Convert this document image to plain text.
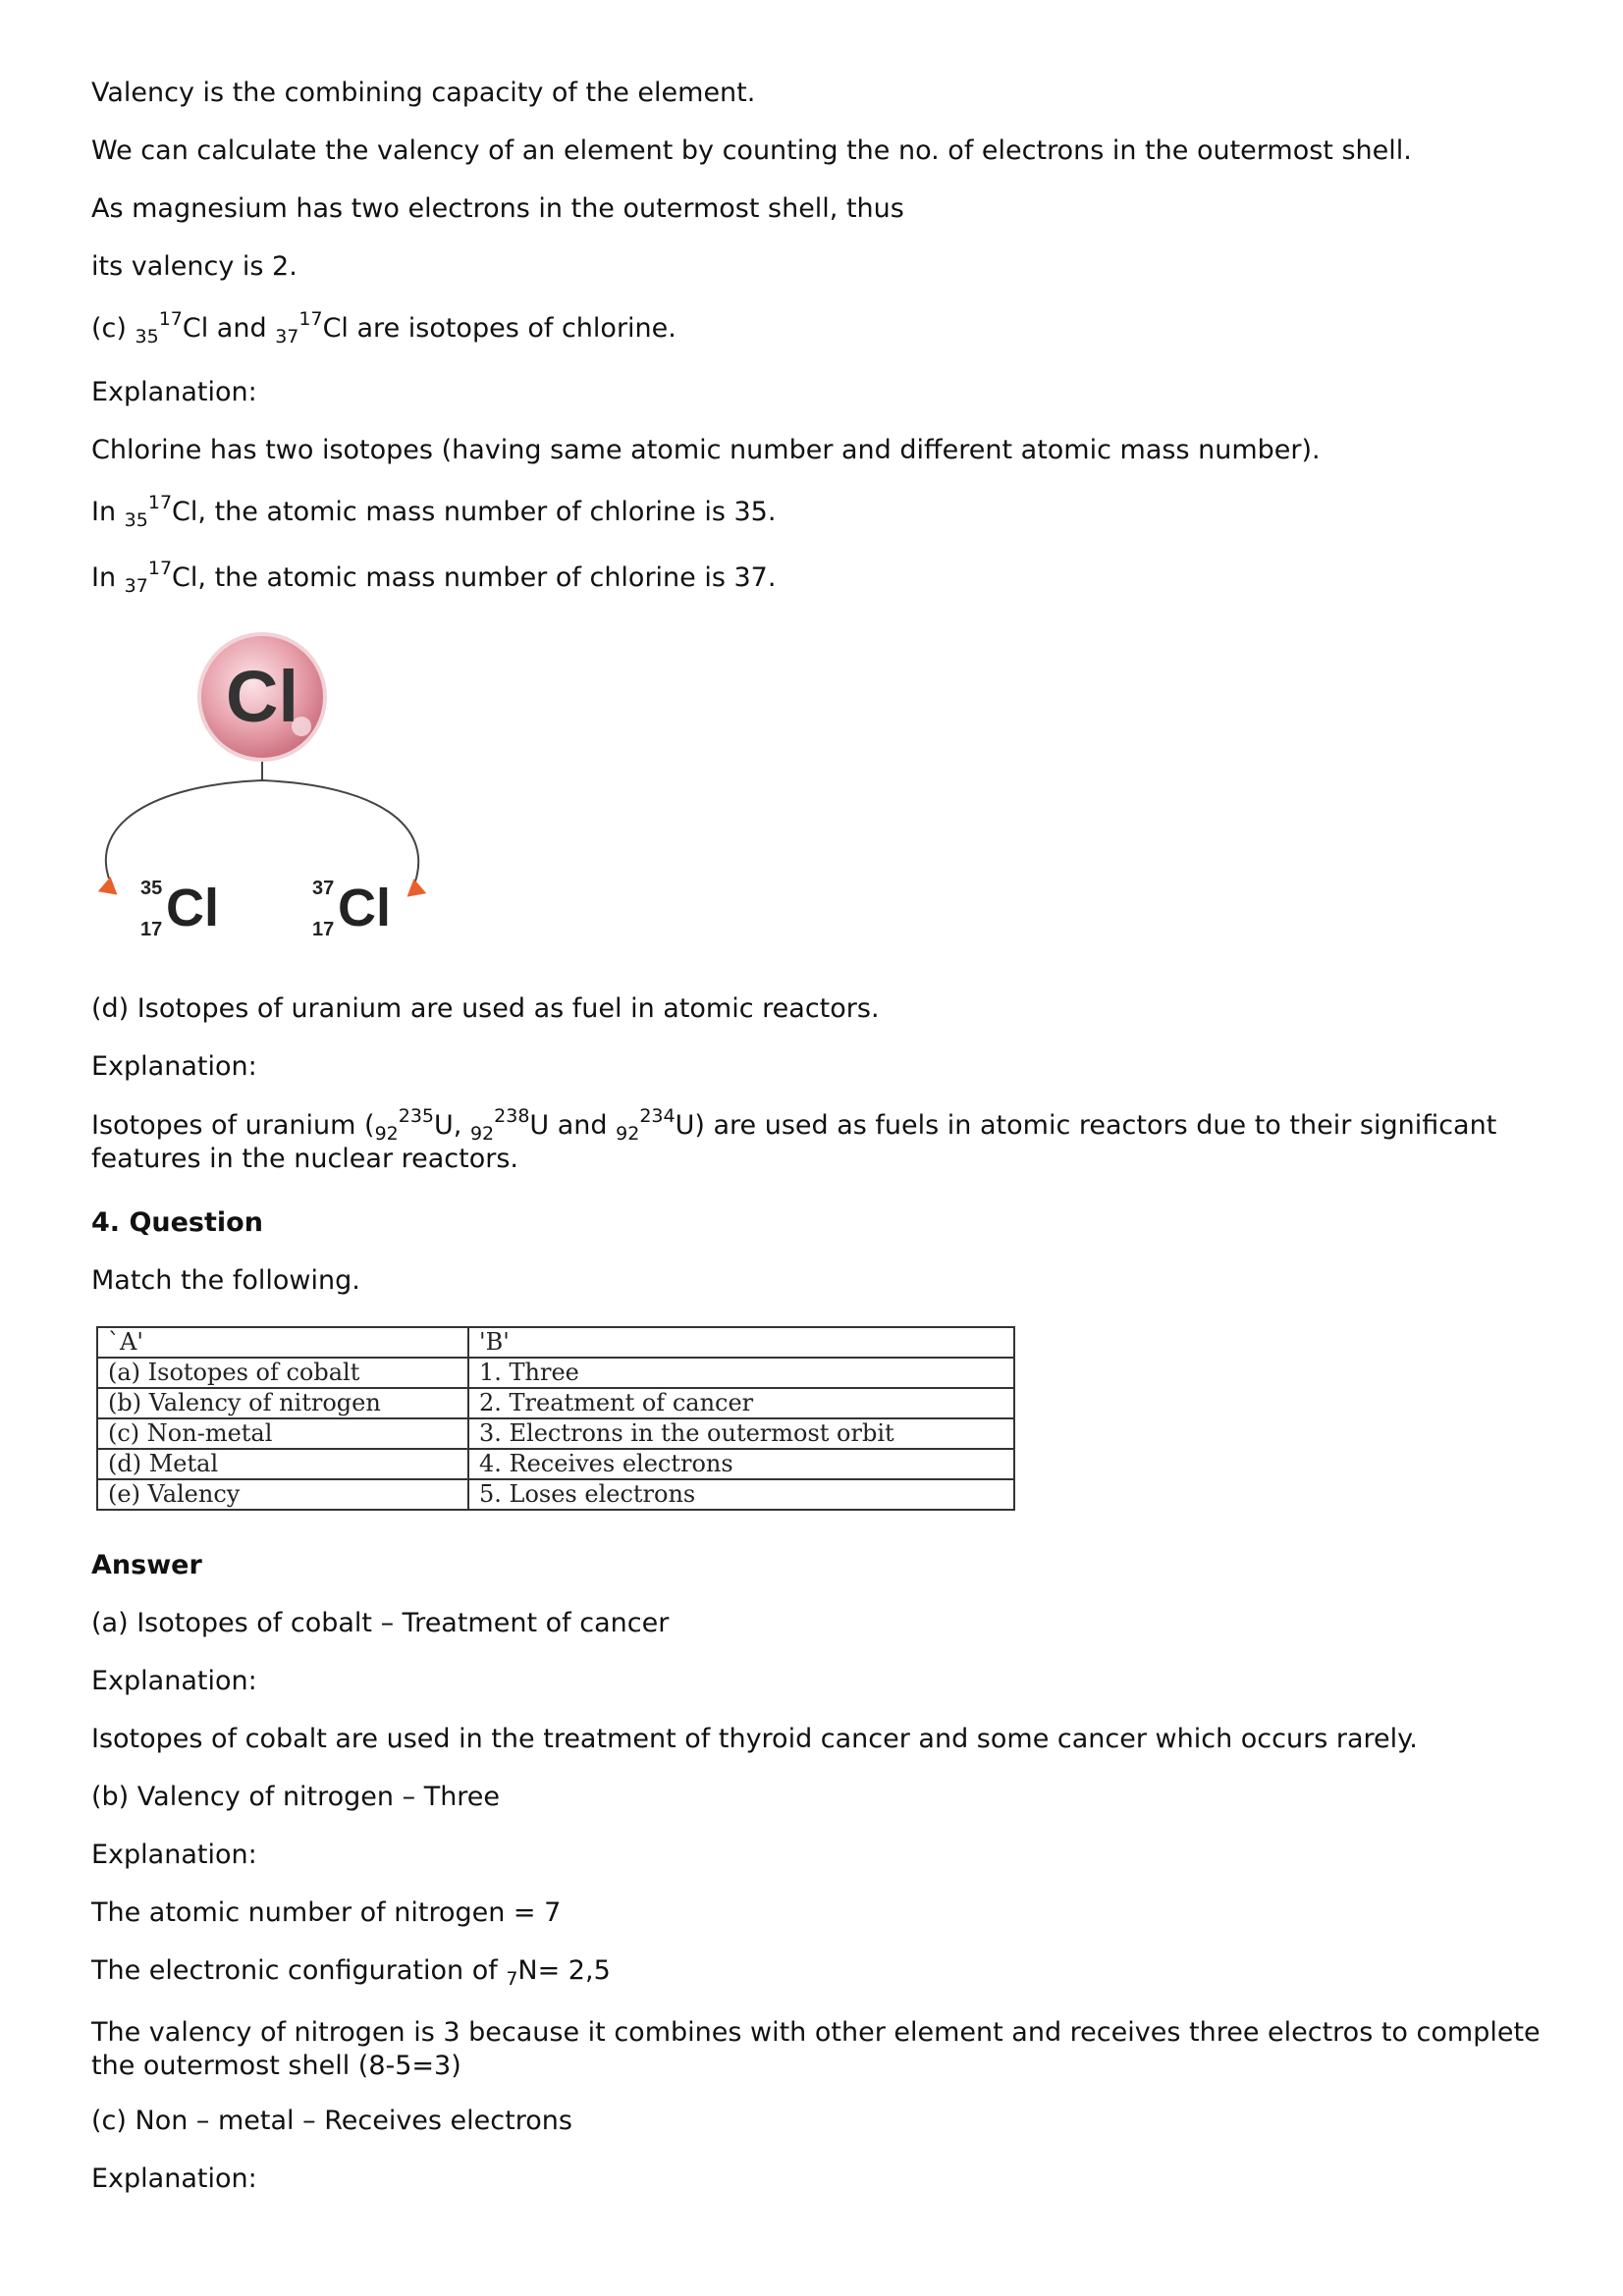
Valency is the combining capacity of the element.

We can calculate the valency of an element by counting the no. of electrons in the outermost shell.

As magnesium has two electrons in the outermost shell, thus

its valency is 2.

(c) $_{35}^{17}$Cl and $_{37}^{17}$Cl are isotopes of chlorine.

Explanation:

Chlorine has two isotopes (having same atomic number and different atomic mass number).

In $_{35}^{17}$Cl, the atomic mass number of chlorine is 35.

In $_{37}^{17}$Cl, the atomic mass number of chlorine is 37.

Cl
35
17 Cl	37
17 Cl

(d) Isotopes of uranium are used as fuel in atomic reactors.

Explanation:

Isotopes of uranium ($_{92}^{235}U$, $_{92}^{238}$U and $_{92}^{234}$U) are used as fuels in atomic reactors due to their significant features in the nuclear reactors.

4. Question

Match the following.

`A'	'B'
(a) Isotopes of cobalt	1. Three
(b) Valency of nitrogen	2. Treatment of cancer
(c) Non-metal	3. Electrons in the outermost orbit
(d) Metal	4. Receives electrons
(e) Valency	5. Loses electrons

Answer

(a) Isotopes of cobalt – Treatment of cancer

Explanation:

Isotopes of cobalt are used in the treatment of thyroid cancer and some cancer which occurs rarely.

(b) Valency of nitrogen – Three

Explanation:

The atomic number of nitrogen = 7

The electronic configuration of $_7$N= 2,5

The valency of nitrogen is 3 because it combines with other element and receives three electros to complete the outermost shell (8-5=3)

(c) Non – metal – Receives electrons

Explanation:
